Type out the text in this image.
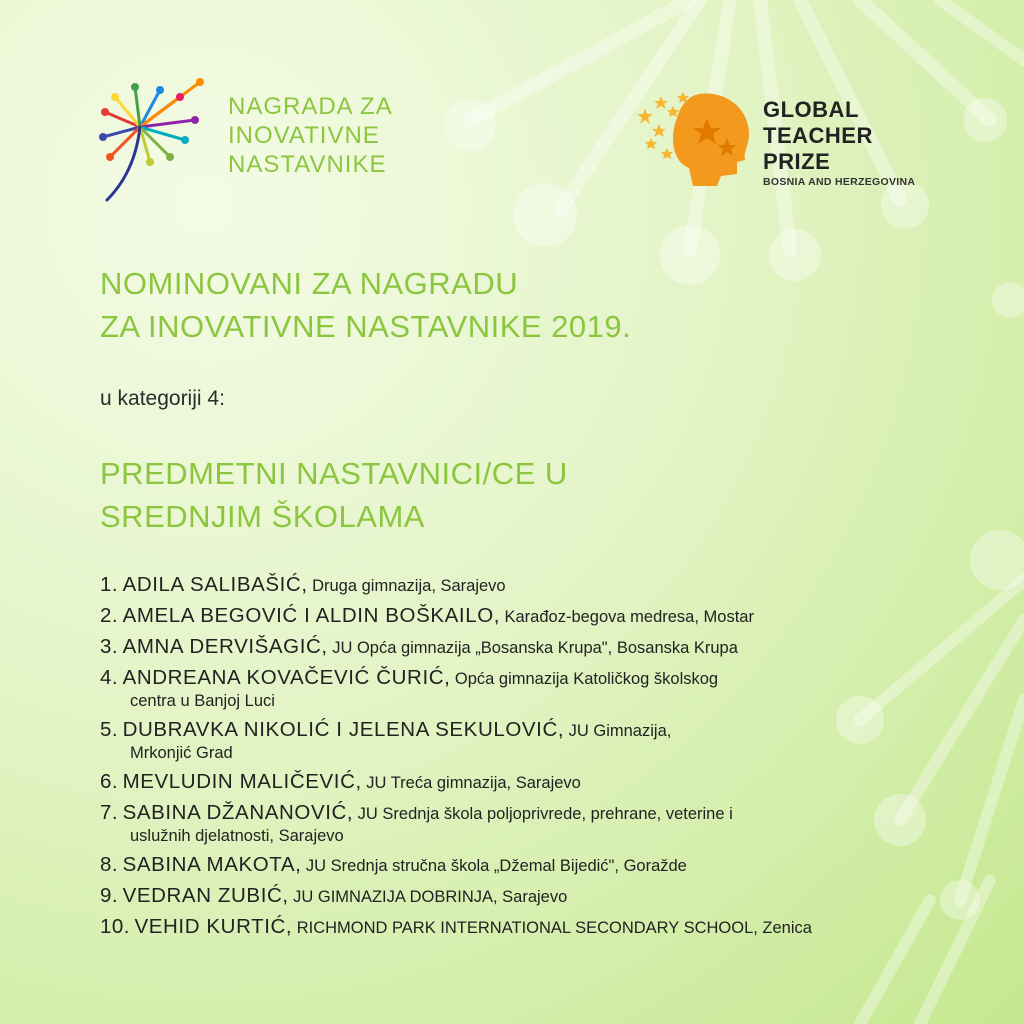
NAGRADA ZA
INOVATIVNE
NASTAVNIKE
GLOBAL
TEACHER
PRIZE
BOSNIA AND HERZEGOVINA
NOMINOVANI ZA NAGRADU
ZA INOVATIVNE NASTAVNIKE 2019.
u kategoriji 4:
PREDMETNI NASTAVNICI/CE U
SREDNJIM ŠKOLAMA
1. ADILA SALIBAŠIĆ, Druga gimnazija, Sarajevo
2. AMELA BEGOVIĆ I ALDIN BOŠKAILO, Karađoz-begova medresa, Mostar
3. AMNA DERVIŠAGIĆ, JU Opća gimnazija „Bosanska Krupa", Bosanska Krupa
4. ANDREANA KOVAČEVIĆ ČURIĆ, Opća gimnazija Katoličkog školskog
centra u Banjoj Luci
5. DUBRAVKA NIKOLIĆ I JELENA SEKULOVIĆ, JU Gimnazija,
Mrkonjić Grad
6. MEVLUDIN MALIČEVIĆ, JU Treća gimnazija, Sarajevo
7. SABINA DŽANANOVIĆ, JU Srednja škola poljoprivrede, prehrane, veterine i
uslužnih djelatnosti, Sarajevo
8. SABINA MAKOTA, JU Srednja stručna škola „Džemal Bijedić", Goražde
9. VEDRAN ZUBIĆ, JU GIMNAZIJA DOBRINJA, Sarajevo
10. VEHID KURTIĆ, RICHMOND PARK INTERNATIONAL SECONDARY SCHOOL, Zenica
